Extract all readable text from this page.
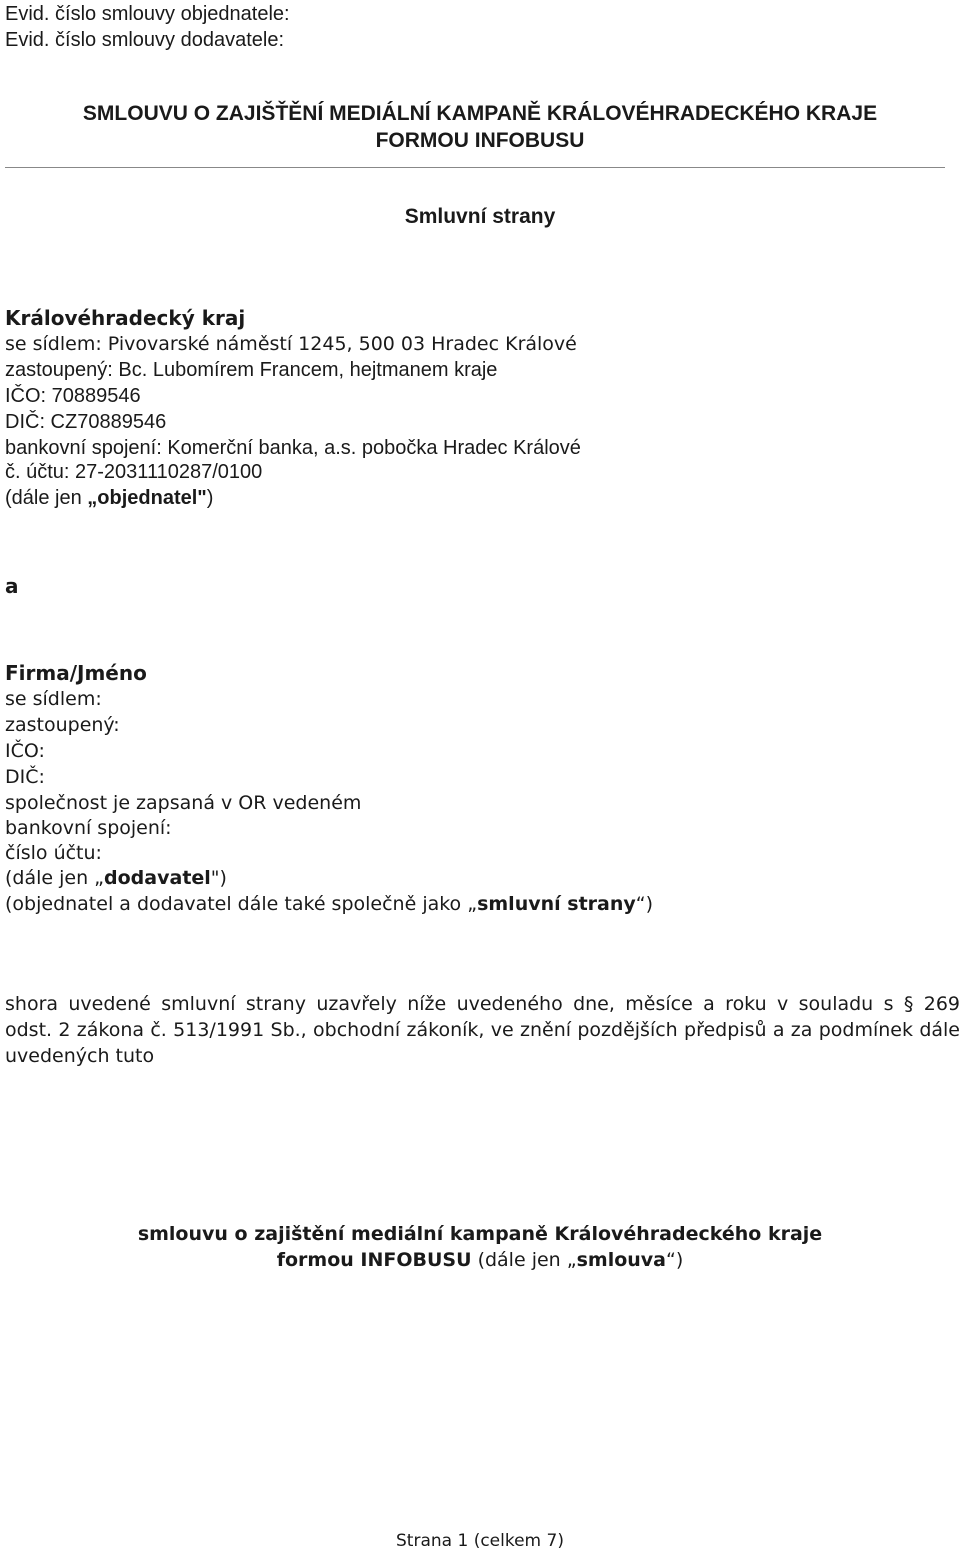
Evid. číslo smlouvy objednatele:
Evid. číslo smlouvy dodavatele:
SMLOUVU O ZAJIŠŤĚNÍ MEDIÁLNÍ KAMPANĚ KRÁLOVÉHRADECKÉHO KRAJE
FORMOU INFOBUSU
Smluvní strany
Královéhradecký kraj
se sídlem: Pivovarské náměstí 1245, 500 03 Hradec Králové
zastoupený: Bc. Lubomírem Francem, hejtmanem kraje
IČO: 70889546
DIČ: CZ70889546
bankovní spojení: Komerční banka, a.s. pobočka Hradec Králové
č. účtu: 27-2031110287/0100
(dále jen „objednatel")
a
Firma/Jméno
se sídlem:
zastoupený:
IČO:
DIČ:
společnost je zapsaná v OR vedeném
bankovní spojení:
číslo účtu:
(dále jen „dodavatel")
(objednatel a dodavatel dále také společně jako „smluvní strany“)
shora uvedené smluvní strany uzavřely níže uvedeného dne, měsíce a roku v souladu s § 269
odst. 2 zákona č. 513/1991 Sb., obchodní zákoník, ve znění pozdějších předpisů a za podmínek dále
uvedených tuto
smlouvu o zajištění mediální kampaně Královéhradeckého kraje
formou INFOBUSU (dále jen „smlouva“)
Strana 1 (celkem 7)
